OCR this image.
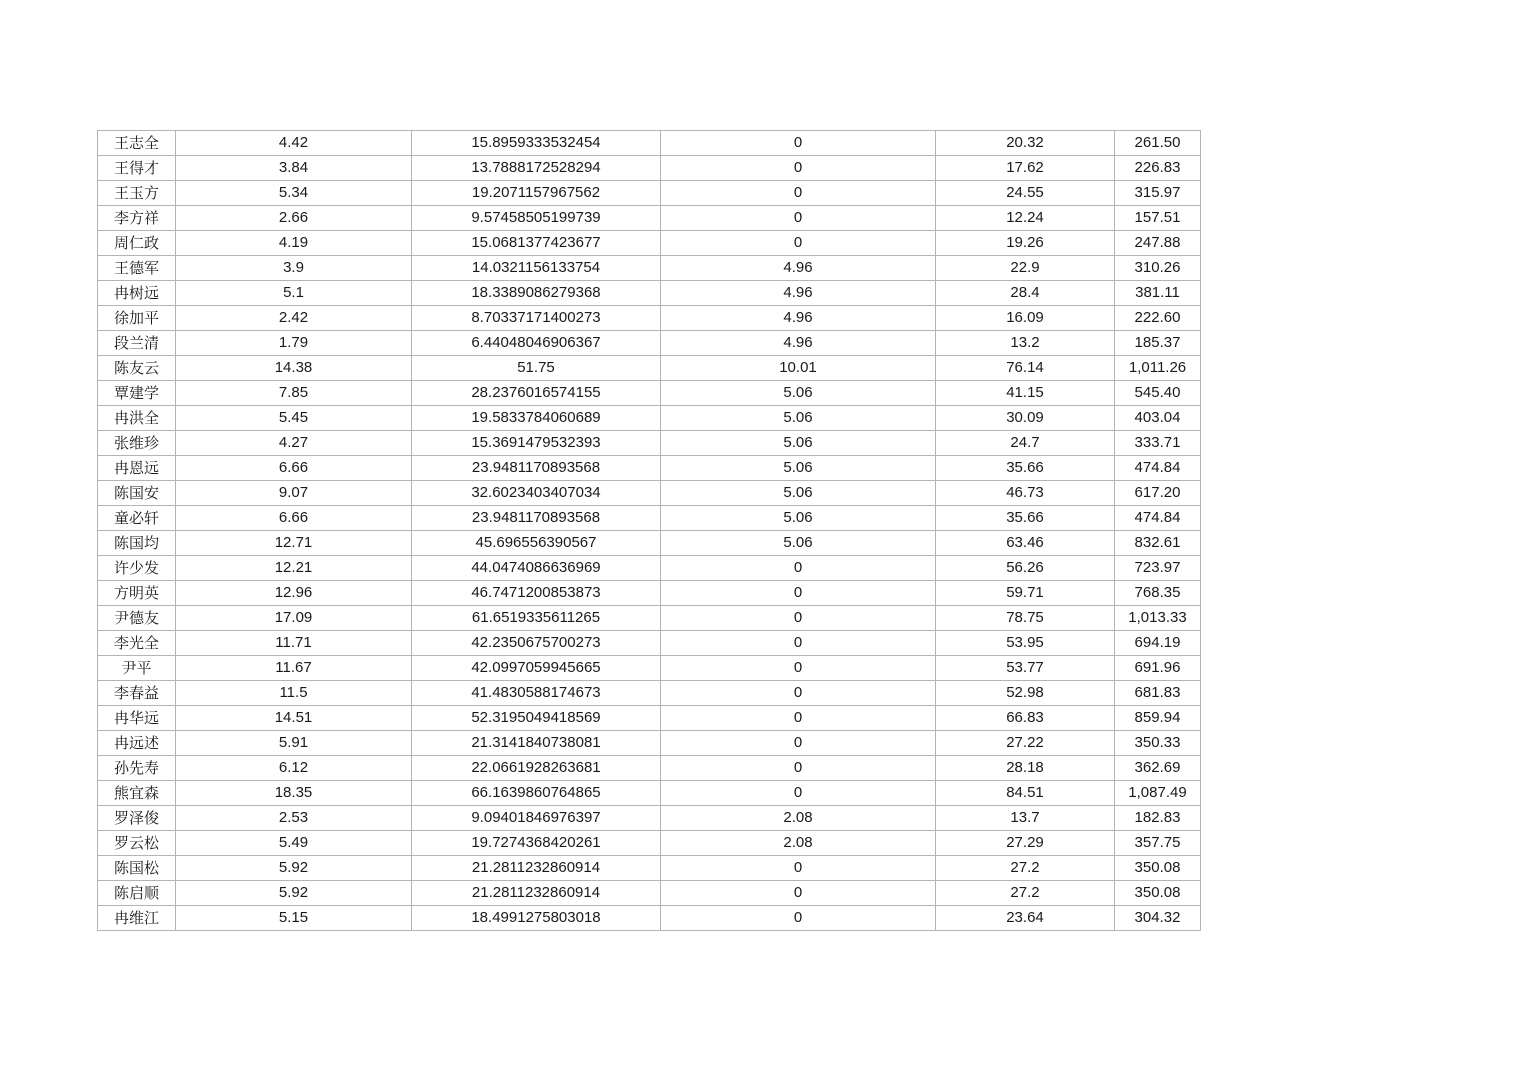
王志全	4.42	15.8959333532454	0	20.32	261.50
王得才	3.84	13.7888172528294	0	17.62	226.83
王玉方	5.34	19.2071157967562	0	24.55	315.97
李方祥	2.66	9.57458505199739	0	12.24	157.51
周仁政	4.19	15.0681377423677	0	19.26	247.88
王德军	3.9	14.0321156133754	4.96	22.9	310.26
冉树远	5.1	18.3389086279368	4.96	28.4	381.11
徐加平	2.42	8.70337171400273	4.96	16.09	222.60
段兰清	1.79	6.44048046906367	4.96	13.2	185.37
陈友云	14.38	51.75	10.01	76.14	1,011.26
覃建学	7.85	28.2376016574155	5.06	41.15	545.40
冉洪全	5.45	19.5833784060689	5.06	30.09	403.04
张维珍	4.27	15.3691479532393	5.06	24.7	333.71
冉恩远	6.66	23.9481170893568	5.06	35.66	474.84
陈国安	9.07	32.6023403407034	5.06	46.73	617.20
童必轩	6.66	23.9481170893568	5.06	35.66	474.84
陈国均	12.71	45.696556390567	5.06	63.46	832.61
许少发	12.21	44.0474086636969	0	56.26	723.97
方明英	12.96	46.7471200853873	0	59.71	768.35
尹德友	17.09	61.6519335611265	0	78.75	1,013.33
李光全	11.71	42.2350675700273	0	53.95	694.19
尹平	11.67	42.0997059945665	0	53.77	691.96
李春益	11.5	41.4830588174673	0	52.98	681.83
冉华远	14.51	52.3195049418569	0	66.83	859.94
冉远述	5.91	21.3141840738081	0	27.22	350.33
孙先寿	6.12	22.0661928263681	0	28.18	362.69
熊宜森	18.35	66.1639860764865	0	84.51	1,087.49
罗泽俊	2.53	9.09401846976397	2.08	13.7	182.83
罗云松	5.49	19.7274368420261	2.08	27.29	357.75
陈国松	5.92	21.2811232860914	0	27.2	350.08
陈启顺	5.92	21.2811232860914	0	27.2	350.08
冉维江	5.15	18.4991275803018	0	23.64	304.32
